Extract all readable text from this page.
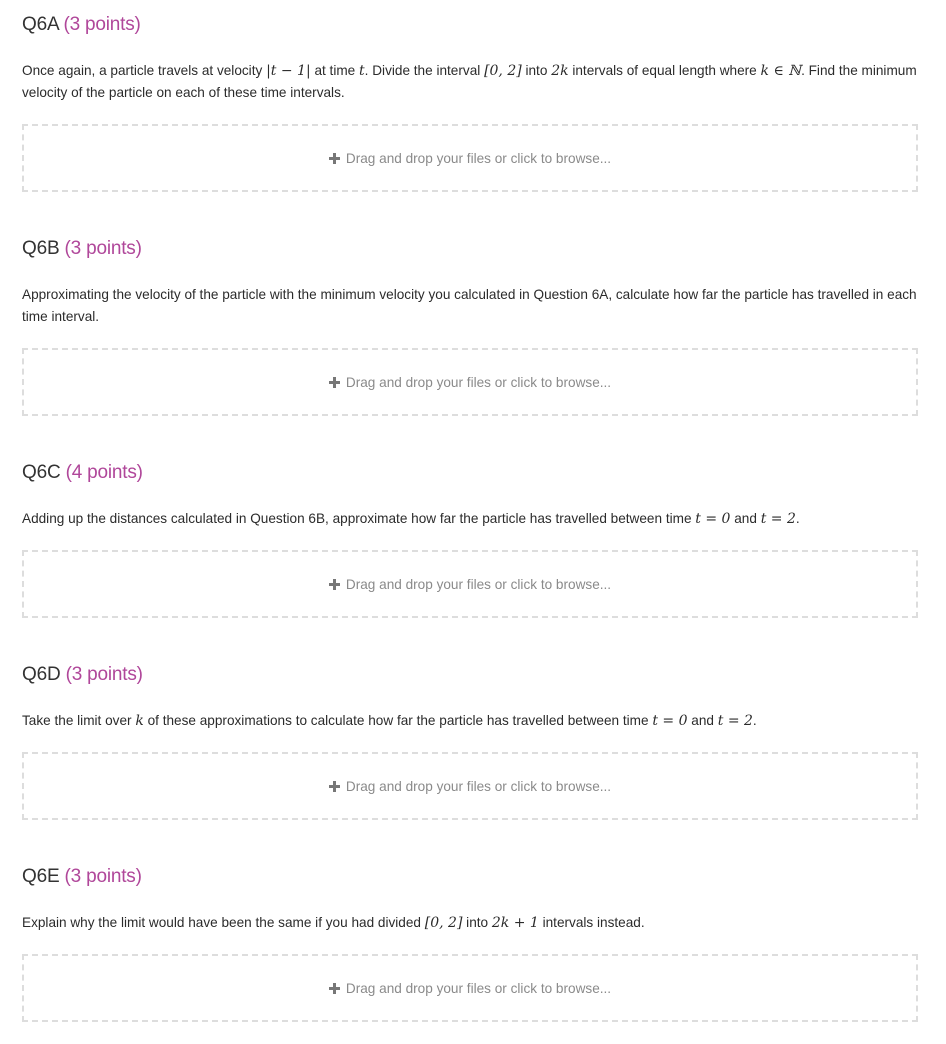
Q6A (3 points)

Once again, a particle travels at velocity |t − 1| at time t. Divide the interval [0, 2] into 2k intervals of equal length where k ∈ ℕ. Find the minimum velocity of the particle on each of these time intervals.

Drag and drop your files or click to browse...
Q6B (3 points)

Approximating the velocity of the particle with the minimum velocity you calculated in Question 6A, calculate how far the particle has travelled in each time interval.

Drag and drop your files or click to browse...
Q6C (4 points)

Adding up the distances calculated in Question 6B, approximate how far the particle has travelled between time t = 0 and t = 2.

Drag and drop your files or click to browse...
Q6D (3 points)

Take the limit over k of these approximations to calculate how far the particle has travelled between time t = 0 and t = 2.

Drag and drop your files or click to browse...
Q6E (3 points)

Explain why the limit would have been the same if you had divided [0, 2] into 2k + 1 intervals instead.

Drag and drop your files or click to browse...
